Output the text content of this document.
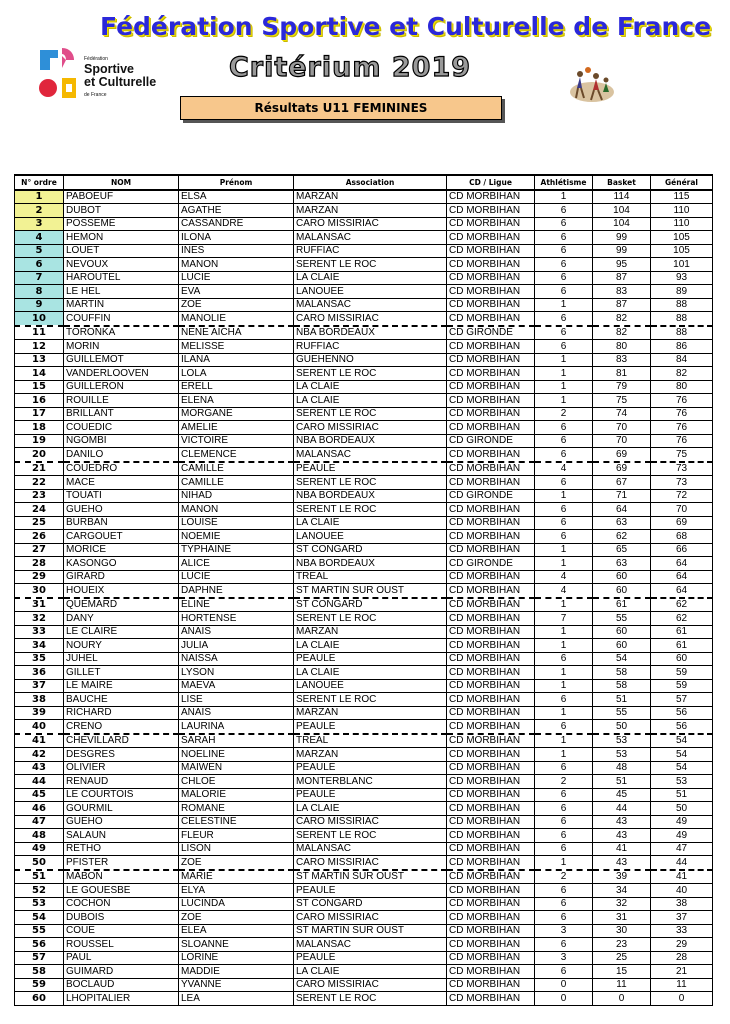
Fédération Sportive et Culturelle de France
Fédération
Sportive
et Culturelle
de France
Critérium 2019
Résultats U11 FEMININES
N° ordre	NOM	Prénom	Association	CD / Ligue	Athlétisme	Basket	Général
1	PABOEUF	ELSA	MARZAN	CD MORBIHAN	1	114	115
2	DUBOT	AGATHE	MARZAN	CD MORBIHAN	6	104	110
3	POSSEME	CASSANDRE	CARO MISSIRIAC	CD MORBIHAN	6	104	110
4	HEMON	ILONA	MALANSAC	CD MORBIHAN	6	99	105
5	LOUET	INES	RUFFIAC	CD MORBIHAN	6	99	105
6	NEVOUX	MANON	SERENT LE ROC	CD MORBIHAN	6	95	101
7	HAROUTEL	LUCIE	LA CLAIE	CD MORBIHAN	6	87	93
8	LE HEL	EVA	LANOUEE	CD MORBIHAN	6	83	89
9	MARTIN	ZOE	MALANSAC	CD MORBIHAN	1	87	88
10	COUFFIN	MANOLIE	CARO MISSIRIAC	CD MORBIHAN	6	82	88
11	TORONKA	NENE AICHA	NBA BORDEAUX	CD GIRONDE	6	82	88
12	MORIN	MELISSE	RUFFIAC	CD MORBIHAN	6	80	86
13	GUILLEMOT	ILANA	GUEHENNO	CD MORBIHAN	1	83	84
14	VANDERLOOVEN	LOLA	SERENT LE ROC	CD MORBIHAN	1	81	82
15	GUILLERON	ERELL	LA CLAIE	CD MORBIHAN	1	79	80
16	ROUILLE	ELENA	LA CLAIE	CD MORBIHAN	1	75	76
17	BRILLANT	MORGANE	SERENT LE ROC	CD MORBIHAN	2	74	76
18	COUEDIC	AMELIE	CARO MISSIRIAC	CD MORBIHAN	6	70	76
19	NGOMBI	VICTOIRE	NBA BORDEAUX	CD GIRONDE	6	70	76
20	DANILO	CLEMENCE	MALANSAC	CD MORBIHAN	6	69	75
21	COUEDRO	CAMILLE	PEAULE	CD MORBIHAN	4	69	73
22	MACE	CAMILLE	SERENT LE ROC	CD MORBIHAN	6	67	73
23	TOUATI	NIHAD	NBA BORDEAUX	CD GIRONDE	1	71	72
24	GUEHO	MANON	SERENT LE ROC	CD MORBIHAN	6	64	70
25	BURBAN	LOUISE	LA CLAIE	CD MORBIHAN	6	63	69
26	CARGOUET	NOEMIE	LANOUEE	CD MORBIHAN	6	62	68
27	MORICE	TYPHAINE	ST CONGARD	CD MORBIHAN	1	65	66
28	KASONGO	ALICE	NBA BORDEAUX	CD GIRONDE	1	63	64
29	GIRARD	LUCIE	TREAL	CD MORBIHAN	4	60	64
30	HOUEIX	DAPHNE	ST MARTIN SUR OUST	CD MORBIHAN	4	60	64
31	QUEMARD	ELINE	ST CONGARD	CD MORBIHAN	1	61	62
32	DANY	HORTENSE	SERENT LE ROC	CD MORBIHAN	7	55	62
33	LE CLAIRE	ANAIS	MARZAN	CD MORBIHAN	1	60	61
34	NOURY	JULIA	LA CLAIE	CD MORBIHAN	1	60	61
35	JUHEL	NAISSA	PEAULE	CD MORBIHAN	6	54	60
36	GILLET	LYSON	LA CLAIE	CD MORBIHAN	1	58	59
37	LE MAIRE	MAEVA	LANOUEE	CD MORBIHAN	1	58	59
38	BAUCHE	LISE	SERENT LE ROC	CD MORBIHAN	6	51	57
39	RICHARD	ANAIS	MARZAN	CD MORBIHAN	1	55	56
40	CRENO	LAURINA	PEAULE	CD MORBIHAN	6	50	56
41	CHEVILLARD	SARAH	TREAL	CD MORBIHAN	1	53	54
42	DESGRES	NOELINE	MARZAN	CD MORBIHAN	1	53	54
43	OLIVIER	MAIWEN	PEAULE	CD MORBIHAN	6	48	54
44	RENAUD	CHLOE	MONTERBLANC	CD MORBIHAN	2	51	53
45	LE COURTOIS	MALORIE	PEAULE	CD MORBIHAN	6	45	51
46	GOURMIL	ROMANE	LA CLAIE	CD MORBIHAN	6	44	50
47	GUEHO	CELESTINE	CARO MISSIRIAC	CD MORBIHAN	6	43	49
48	SALAUN	FLEUR	SERENT LE ROC	CD MORBIHAN	6	43	49
49	RETHO	LISON	MALANSAC	CD MORBIHAN	6	41	47
50	PFISTER	ZOE	CARO MISSIRIAC	CD MORBIHAN	1	43	44
51	MABON	MARIE	ST MARTIN SUR OUST	CD MORBIHAN	2	39	41
52	LE GOUESBE	ELYA	PEAULE	CD MORBIHAN	6	34	40
53	COCHON	LUCINDA	ST CONGARD	CD MORBIHAN	6	32	38
54	DUBOIS	ZOE	CARO MISSIRIAC	CD MORBIHAN	6	31	37
55	COUE	ELEA	ST MARTIN SUR OUST	CD MORBIHAN	3	30	33
56	ROUSSEL	SLOANNE	MALANSAC	CD MORBIHAN	6	23	29
57	PAUL	LORINE	PEAULE	CD MORBIHAN	3	25	28
58	GUIMARD	MADDIE	LA CLAIE	CD MORBIHAN	6	15	21
59	BOCLAUD	YVANNE	CARO MISSIRIAC	CD MORBIHAN	0	11	11
60	LHOPITALIER	LEA	SERENT LE ROC	CD MORBIHAN	0	0	0
